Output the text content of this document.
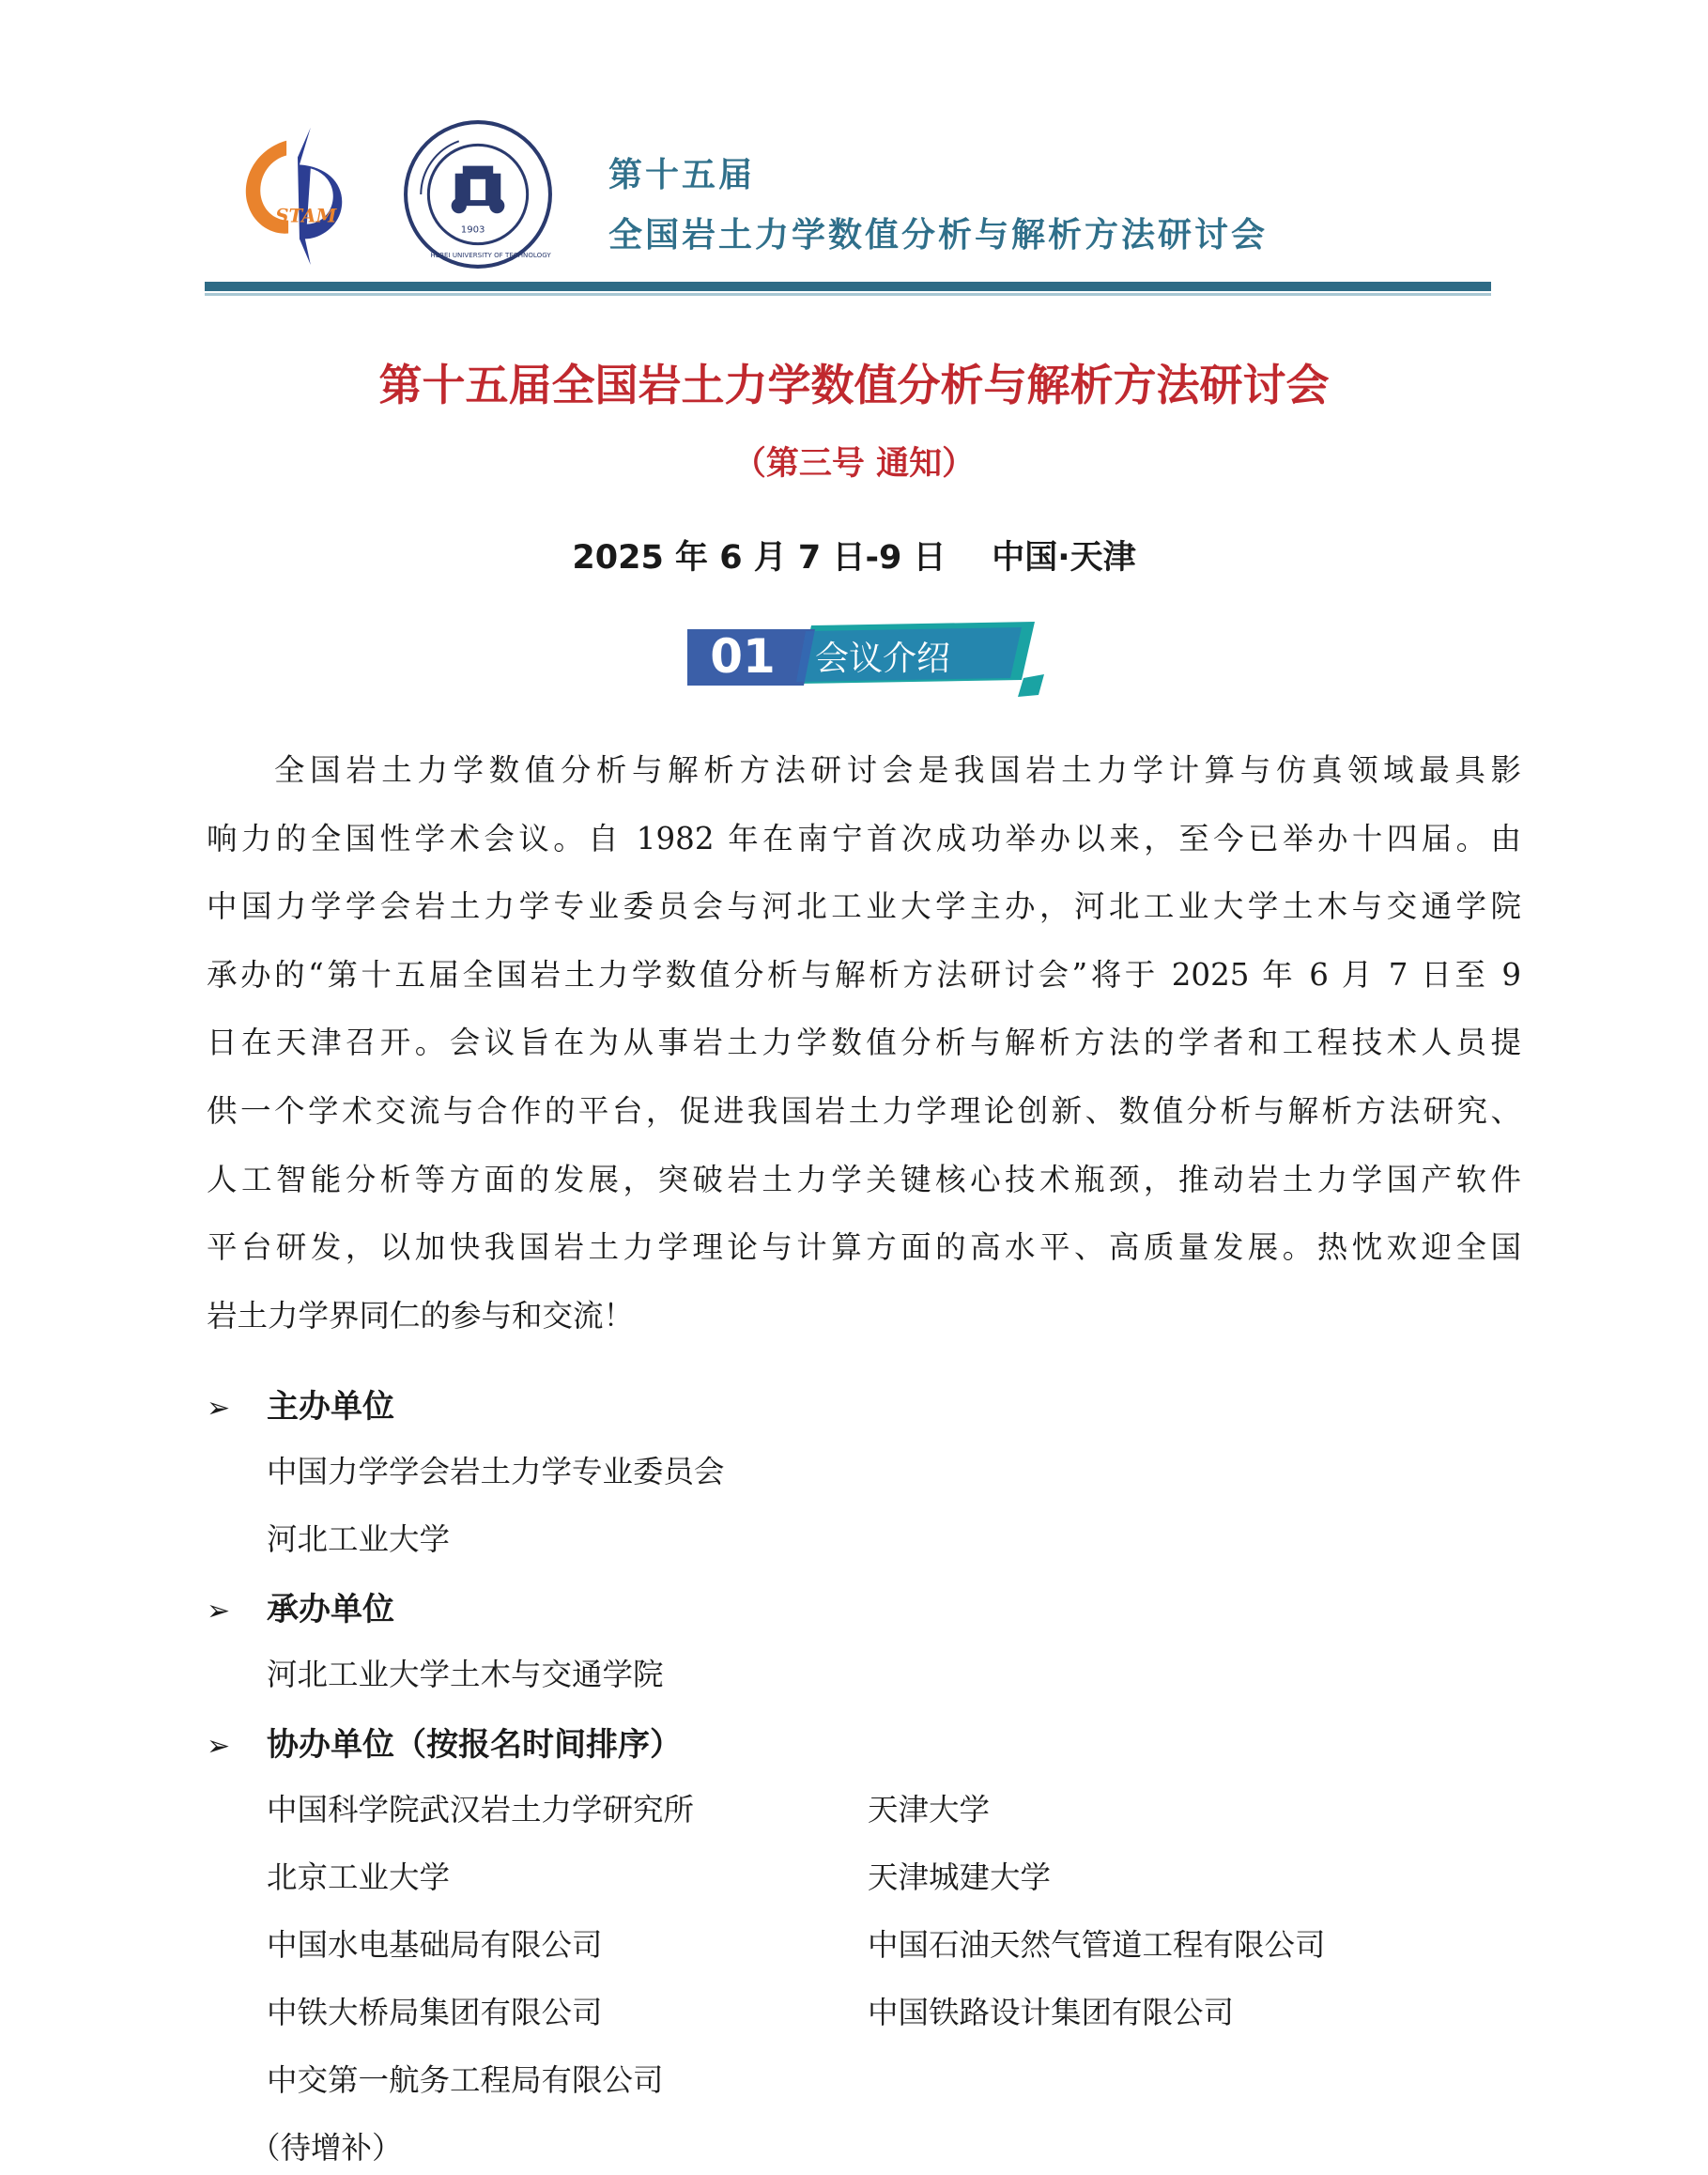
STAM
1903
HEBEI UNIVERSITY OF TECHNOLOGY
第十五届
全国岩土力学数值分析与解析方法研讨会
第十五届全国岩土力学数值分析与解析方法研讨会
（第三号 通知）
2025 年 6 月 7 日-9 日    中国·天津
01	会议介绍
全国岩土力学数值分析与解析方法研讨会是我国岩土力学计算与仿真领域最具影
响力的全国性学术会议。自 1982 年在南宁首次成功举办以来，至今已举办十四届。由
中国力学学会岩土力学专业委员会与河北工业大学主办，河北工业大学土木与交通学院
承办的“第十五届全国岩土力学数值分析与解析方法研讨会”将于 2025 年 6 月 7 日至 9
日在天津召开。会议旨在为从事岩土力学数值分析与解析方法的学者和工程技术人员提
供一个学术交流与合作的平台，促进我国岩土力学理论创新、数值分析与解析方法研究、
人工智能分析等方面的发展，突破岩土力学关键核心技术瓶颈，推动岩土力学国产软件
平台研发，以加快我国岩土力学理论与计算方面的高水平、高质量发展。热忱欢迎全国
岩土力学界同仁的参与和交流！
➢ 主办单位
中国力学学会岩土力学专业委员会
河北工业大学
➢ 承办单位
河北工业大学土木与交通学院
➢ 协办单位（按报名时间排序）
中国科学院武汉岩土力学研究所	天津大学
北京工业大学	天津城建大学
中国水电基础局有限公司	中国石油天然气管道工程有限公司
中铁大桥局集团有限公司	中国铁路设计集团有限公司
中交第一航务工程局有限公司
（待增补）
